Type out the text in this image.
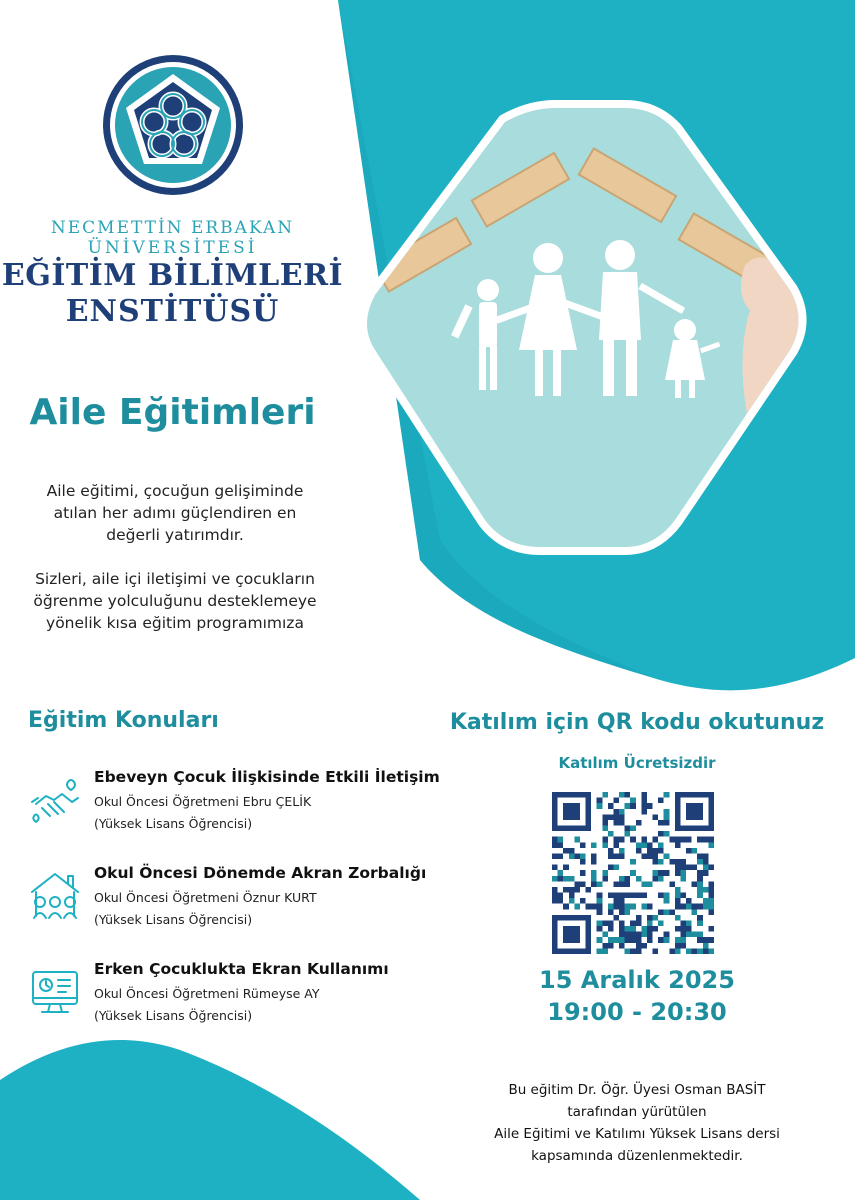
NECMETTİN ERBAKAN
ÜNİVERSİTESİ
EĞİTİM BİLİMLERİ
ENSTİTÜSÜ
Aile Eğitimleri
Aile eğitimi, çocuğun gelişiminde
atılan her adımı güçlendiren en
değerli yatırımdır.
Sizleri, aile içi iletişimi ve çocukların
öğrenme yolculuğunu desteklemeye
yönelik kısa eğitim programımıza
Eğitim Konuları
Ebeveyn Çocuk İlişkisinde Etkili İletişim
Okul Öncesi Öğretmeni Ebru ÇELİK
(Yüksek Lisans Öğrencisi)
Okul Öncesi Dönemde Akran Zorbalığı
Okul Öncesi Öğretmeni Öznur KURT
(Yüksek Lisans Öğrencisi)
Erken Çocuklukta Ekran Kullanımı
Okul Öncesi Öğretmeni Rümeyse AY
(Yüksek Lisans Öğrencisi)
Katılım için QR kodu okutunuz
Katılım Ücretsizdir
15 Aralık 2025
19:00 - 20:30
Bu eğitim Dr. Öğr. Üyesi Osman BASİT
tarafından yürütülen
Aile Eğitimi ve Katılımı Yüksek Lisans dersi
kapsamında düzenlenmektedir.
